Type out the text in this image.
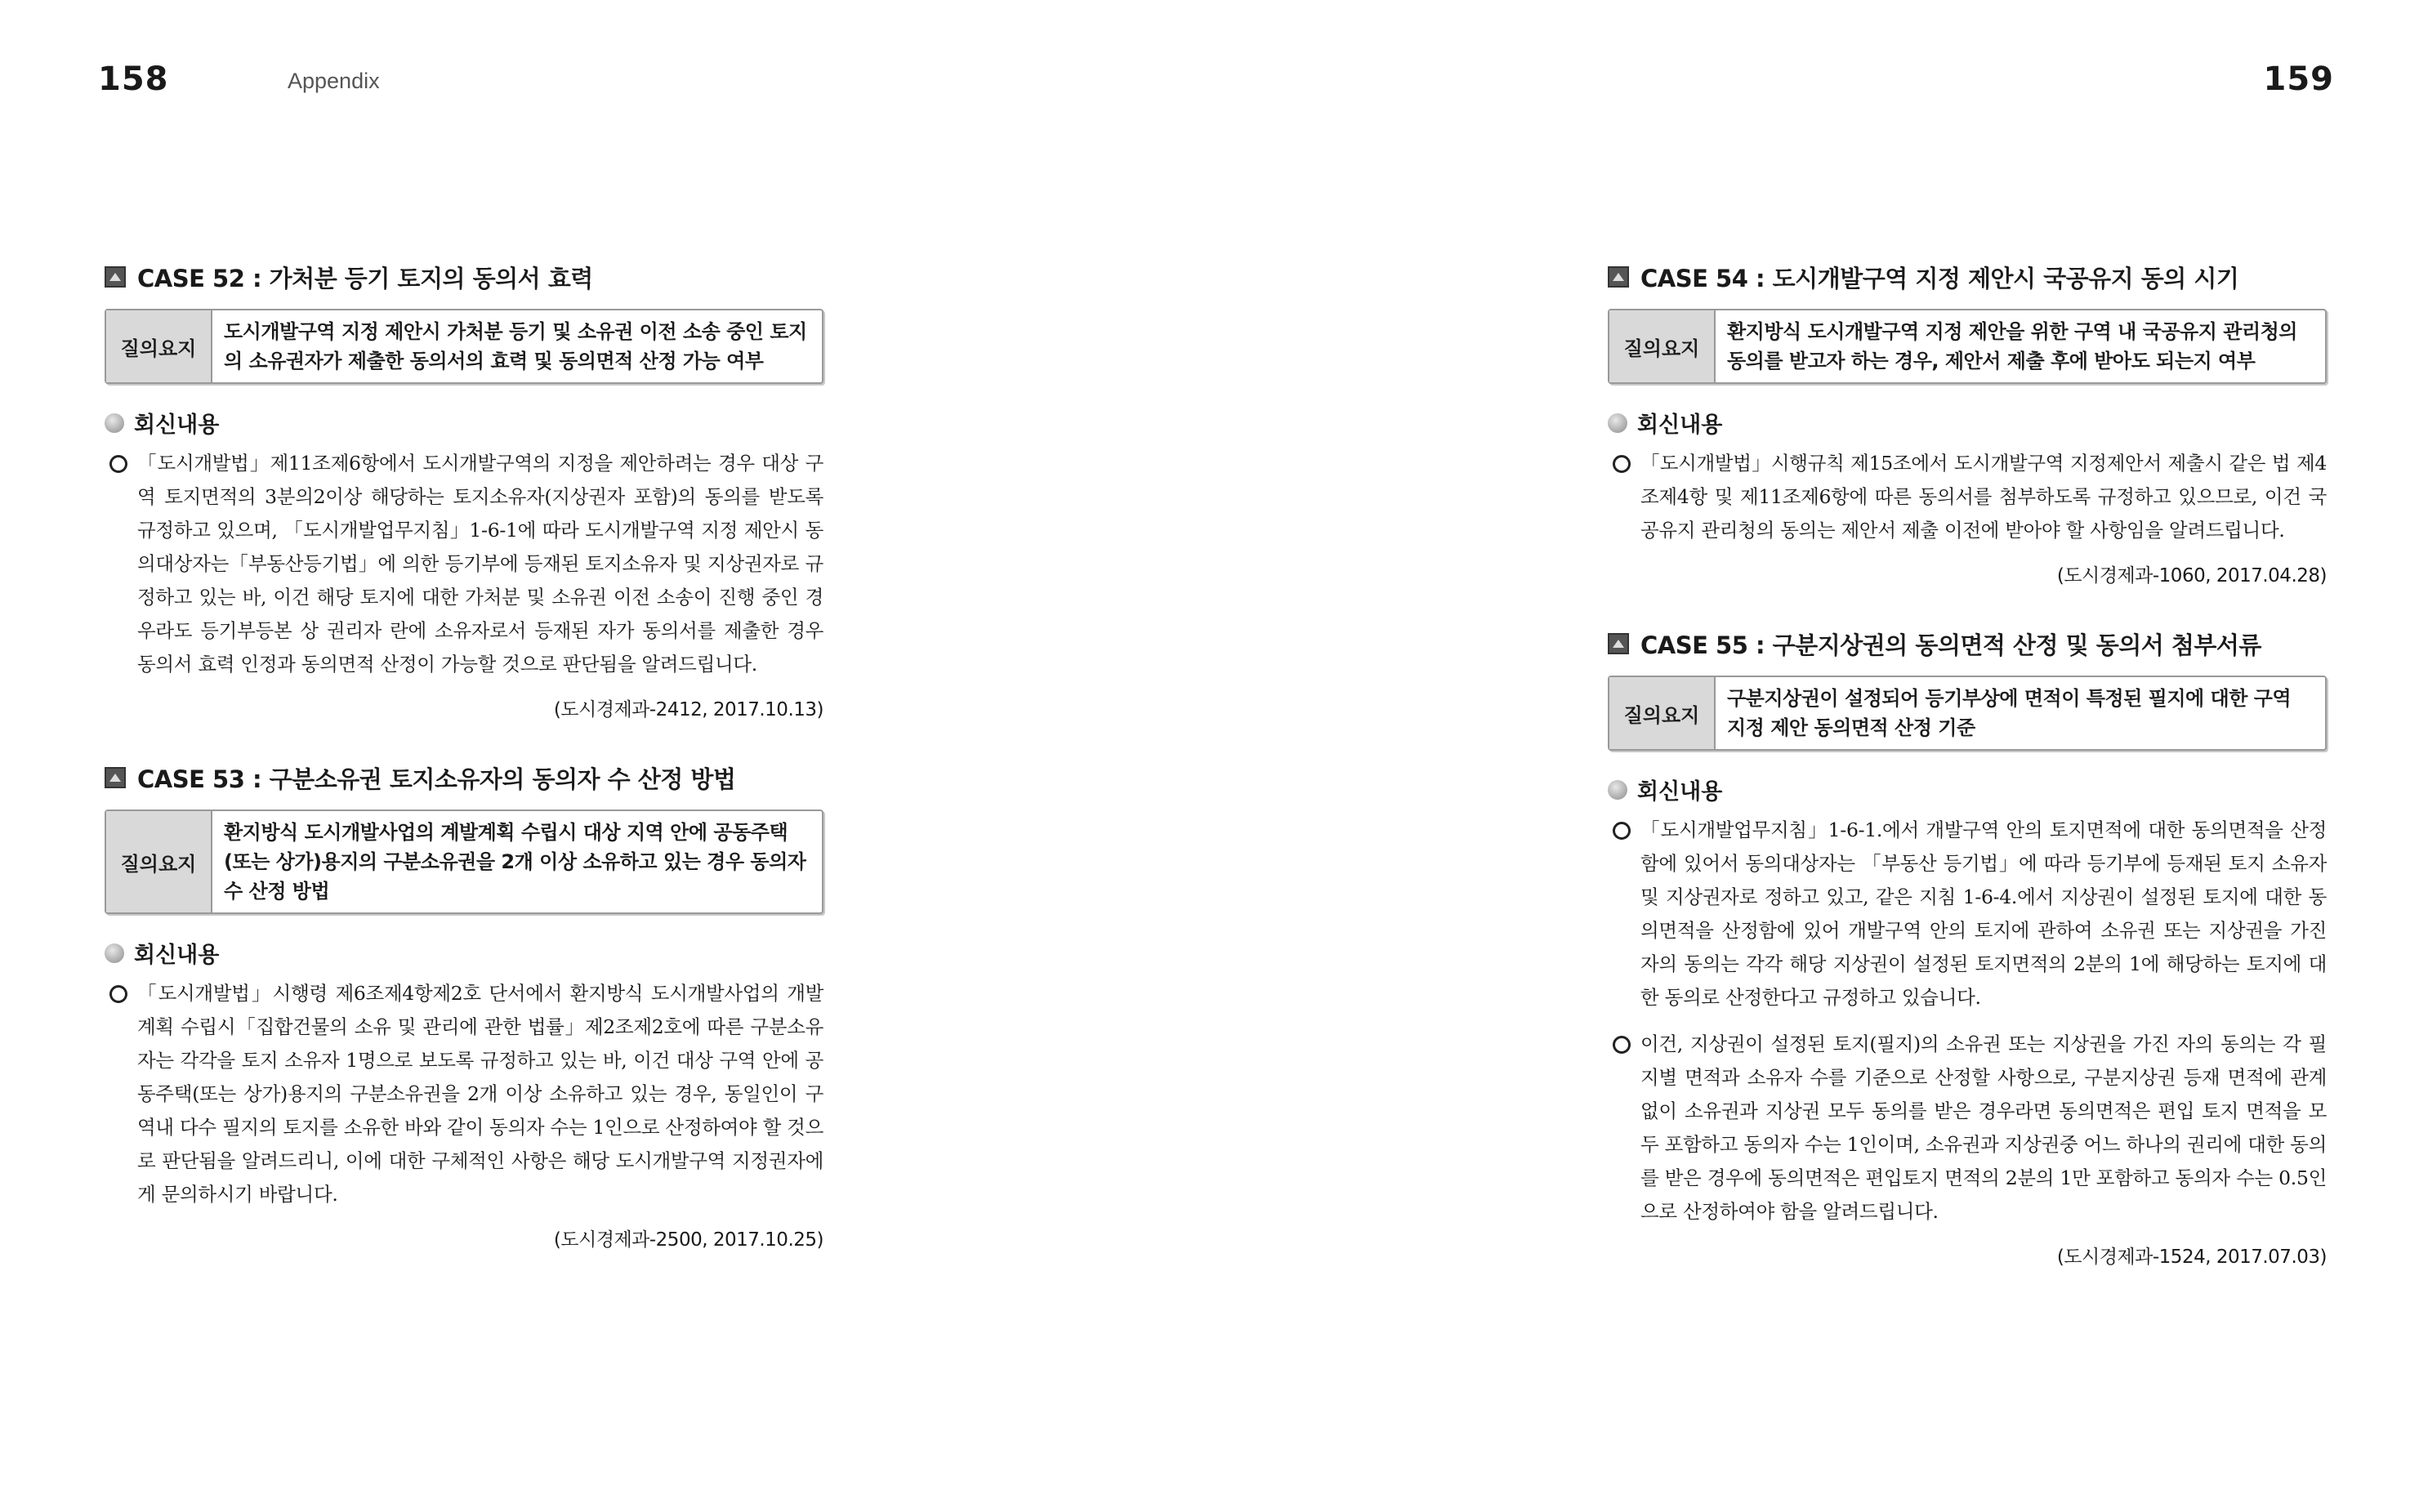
158	Appendix	159
CASE 52 : 가처분 등기 토지의 동의서 효력
질의요지
도시개발구역 지정 제안시 가처분 등기 및 소유권 이전 소송 중인 토지의 소유권자가 제출한 동의서의 효력 및 동의면적 산정 가능 여부
회신내용
「도시개발법」제11조제6항에서 도시개발구역의 지정을 제안하려는 경우 대상 구역 토지면적의 3분의2이상 해당하는 토지소유자(지상권자 포함)의 동의를 받도록 규정하고 있으며, 「도시개발업무지침」1-6-1에 따라 도시개발구역 지정 제안시 동의대상자는「부동산등기법」에 의한 등기부에 등재된 토지소유자 및 지상권자로 규정하고 있는 바, 이건 해당 토지에 대한 가처분 및 소유권 이전 소송이 진행 중인 경우라도 등기부등본 상 권리자 란에 소유자로서 등재된 자가 동의서를 제출한 경우 동의서 효력 인정과 동의면적 산정이 가능할 것으로 판단됨을 알려드립니다.
(도시경제과-2412, 2017.10.13)
CASE 53 : 구분소유권 토지소유자의 동의자 수 산정 방법
질의요지
환지방식 도시개발사업의 계발계획 수립시 대상 지역 안에 공동주택(또는 상가)용지의 구분소유권을 2개 이상 소유하고 있는 경우 동의자 수 산정 방법
회신내용
「도시개발법」시행령 제6조제4항제2호 단서에서 환지방식 도시개발사업의 개발계획 수립시「집합건물의 소유 및 관리에 관한 법률」제2조제2호에 따른 구분소유자는 각각을 토지 소유자 1명으로 보도록 규정하고 있는 바, 이건 대상 구역 안에 공동주택(또는 상가)용지의 구분소유권을 2개 이상 소유하고 있는 경우, 동일인이 구역내 다수 필지의 토지를 소유한 바와 같이 동의자 수는 1인으로 산정하여야 할 것으로 판단됨을 알려드리니, 이에 대한 구체적인 사항은 해당 도시개발구역 지정권자에게 문의하시기 바랍니다.
(도시경제과-2500, 2017.10.25)
CASE 54 : 도시개발구역 지정 제안시 국공유지 동의 시기
질의요지
환지방식 도시개발구역 지정 제안을 위한 구역 내 국공유지 관리청의 동의를 받고자 하는 경우, 제안서 제출 후에 받아도 되는지 여부
회신내용
「도시개발법」시행규칙 제15조에서 도시개발구역 지정제안서 제출시 같은 법 제4조제4항 및 제11조제6항에 따른 동의서를 첨부하도록 규정하고 있으므로, 이건 국공유지 관리청의 동의는 제안서 제출 이전에 받아야 할 사항임을 알려드립니다.
(도시경제과-1060, 2017.04.28)
CASE 55 : 구분지상권의 동의면적 산정 및 동의서 첨부서류
질의요지
구분지상권이 설정되어 등기부상에 면적이 특정된 필지에 대한 구역 지정 제안 동의면적 산정 기준
회신내용
「도시개발업무지침」1-6-1.에서 개발구역 안의 토지면적에 대한 동의면적을 산정함에 있어서 동의대상자는 「부동산 등기법」에 따라 등기부에 등재된 토지 소유자 및 지상권자로 정하고 있고, 같은 지침 1-6-4.에서 지상권이 설정된 토지에 대한 동의면적을 산정함에 있어 개발구역 안의 토지에 관하여 소유권 또는 지상권을 가진 자의 동의는 각각 해당 지상권이 설정된 토지면적의 2분의 1에 해당하는 토지에 대한 동의로 산정한다고 규정하고 있습니다.
이건, 지상권이 설정된 토지(필지)의 소유권 또는 지상권을 가진 자의 동의는 각 필지별 면적과 소유자 수를 기준으로 산정할 사항으로, 구분지상권 등재 면적에 관계없이 소유권과 지상권 모두 동의를 받은 경우라면 동의면적은 편입 토지 면적을 모두 포함하고 동의자 수는 1인이며, 소유권과 지상권중 어느 하나의 권리에 대한 동의를 받은 경우에 동의면적은 편입토지 면적의 2분의 1만 포함하고 동의자 수는 0.5인으로 산정하여야 함을 알려드립니다.
(도시경제과-1524, 2017.07.03)
